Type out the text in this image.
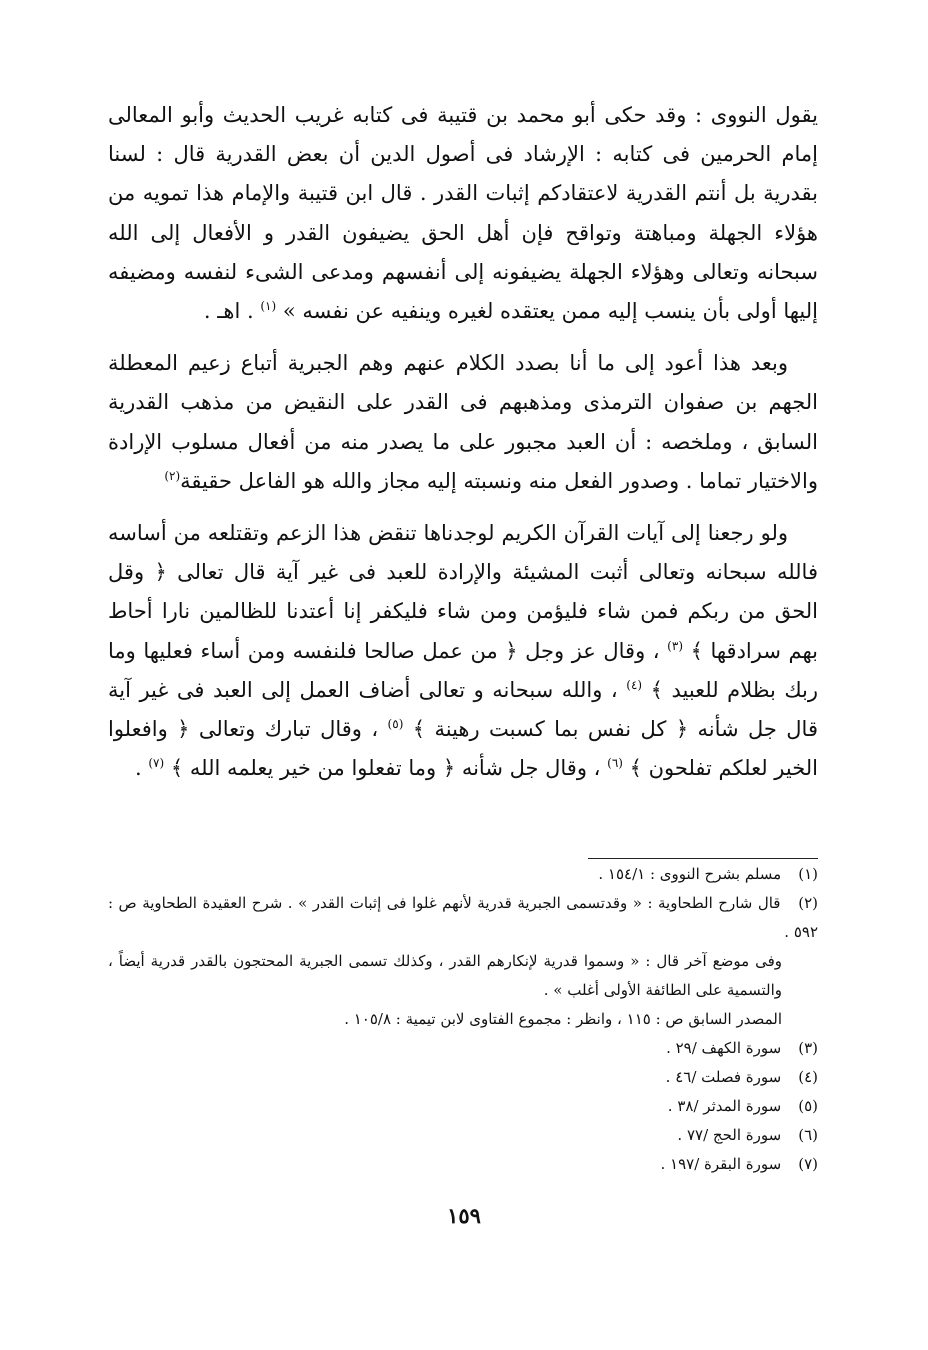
يقول النووى : وقد حكى أبو محمد بن قتيبة فى كتابه غريب الحديث وأبو المعالى إمام الحرمين فى كتابه : الإرشاد فى أصول الدين أن بعض القدرية قال : لسنا بقدرية بل أنتم القدرية لاعتقادكم إثبات القدر . قال ابن قتيبة والإمام هذا تمويه من هؤلاء الجهلة ومباهتة وتواقح فإن أهل الحق يضيفون القدر و الأفعال إلى الله سبحانه وتعالى وهؤلاء الجهلة يضيفونه إلى أنفسهم ومدعى الشىء لنفسه ومضيفه إليها أولى بأن ينسب إليه ممن يعتقده لغيره وينفيه عن نفسه » $^{(١)}$ . اهـ .

وبعد هذا أعود إلى ما أنا بصدد الكلام عنهم وهم الجبرية أتباع زعيم المعطلة الجهم بن صفوان الترمذى ومذهبهم فى القدر على النقيض من مذهب القدرية السابق ، وملخصه : أن العبد مجبور على ما يصدر منه من أفعال مسلوب الإرادة والاختيار تماما . وصدور الفعل منه ونسبته إليه مجاز والله هو الفاعل حقيقة$^{(٢)}$

ولو رجعنا إلى آيات القرآن الكريم لوجدناها تنقض هذا الزعم وتقتلعه من أساسه فالله سبحانه وتعالى أثبت المشيئة والإرادة للعبد فى غير آية قال تعالى ﴿ وقل الحق من ربكم فمن شاء فليؤمن ومن شاء فليكفر إنا أعتدنا للظالمين نارا أحاط بهم سرادقها ﴾ $^{(٣)}$ ، وقال عز وجل ﴿ من عمل صالحا فلنفسه ومن أساء فعليها وما ربك بظلام للعبيد ﴾ $^{(٤)}$ ، والله سبحانه و تعالى أضاف العمل إلى العبد فى غير آية قال جل شأنه ﴿ كل نفس بما كسبت رهينة ﴾ $^{(٥)}$ ، وقال تبارك وتعالى ﴿ وافعلوا الخير لعلكم تفلحون ﴾ $^{(٦)}$ ، وقال جل شأنه ﴿ وما تفعلوا من خير يعلمه الله ﴾ $^{(٧)}$ .

(١) مسلم بشرح النووى : ١٥٤/١ .

(٢) قال شارح الطحاوية : « وقدتسمى الجبرية قدرية لأنهم غلوا فى إثبات القدر » . شرح العقيدة الطحاوية ص : ٥٩٢ .

وفى موضع آخر قال : « وسموا قدرية لإنكارهم القدر ، وكذلك تسمى الجبرية المحتجون بالقدر قدرية أيضاً ، والتسمية على الطائفة الأولى أغلب » .

المصدر السابق ص : ١١٥ ، وانظر : مجموع الفتاوى لابن تيمية : ١٠٥/٨ .

(٣) سورة الكهف /٢٩ .

(٤) سورة فصلت /٤٦ .

(٥) سورة المدثر /٣٨ .

(٦) سورة الحج /٧٧ .

(٧) سورة البقرة /١٩٧ .

١٥٩
